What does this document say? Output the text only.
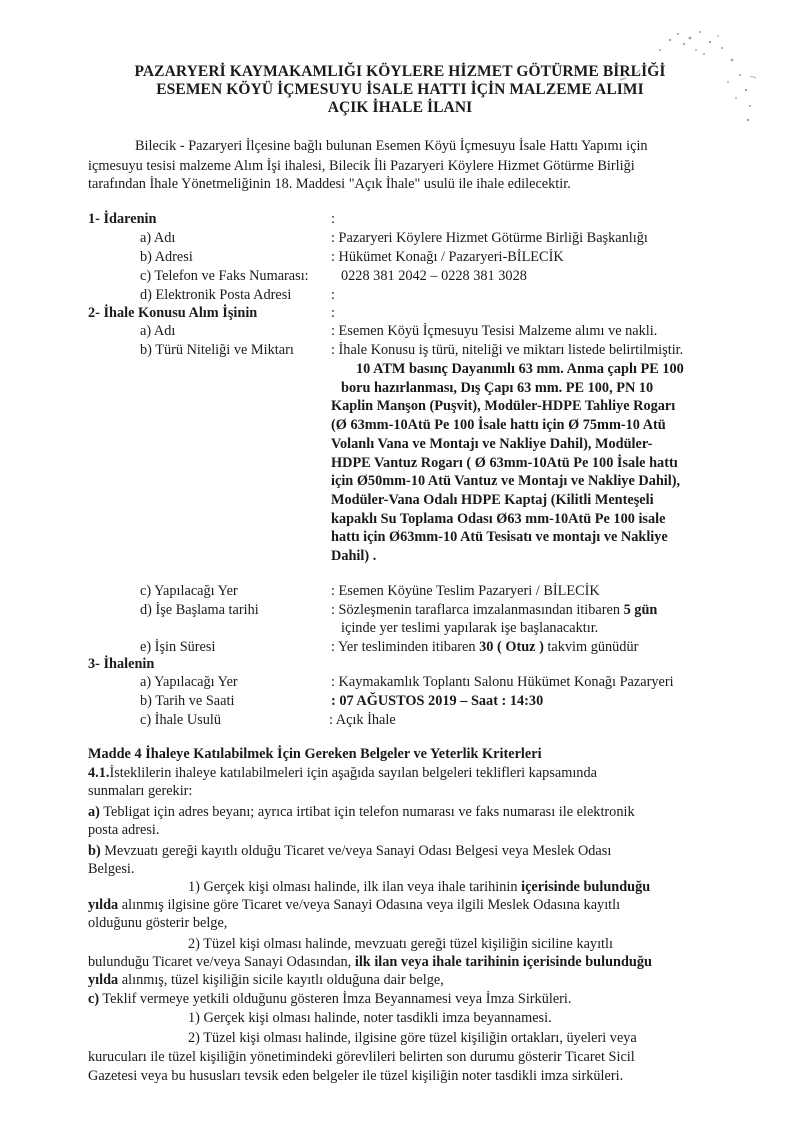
PAZARYERİ KAYMAKAMLIĞI KÖYLERE HİZMET GÖTÜRME BİRLİĞİ
ESEMEN KÖYÜ İÇMESUYU İSALE HATTI İÇİN MALZEME ALIMI
AÇIK İHALE İLANI
Bilecik - Pazaryeri İlçesine bağlı bulunan Esemen Köyü İçmesuyu İsale Hattı Yapımı için
içmesuyu tesisi malzeme Alım İşi ihalesi, Bilecik İli Pazaryeri Köylere Hizmet Götürme Birliği
tarafından İhale Yönetmeliğinin 18. Maddesi "Açık İhale" usulü ile ihale edilecektir.
1- İdarenin	:
a) Adı	: Pazaryeri Köylere Hizmet Götürme Birliği Başkanlığı
b) Adresi	: Hükümet Konağı / Pazaryeri-BİLECİK
c) Telefon ve Faks Numarası: 0228 381 2042 – 0228 381 3028
d) Elektronik Posta Adresi	:
2- İhale Konusu Alım İşinin	:
a) Adı	: Esemen Köyü İçmesuyu Tesisi Malzeme alımı ve nakli.
b) Türü Niteliği ve Miktarı	: İhale Konusu iş türü, niteliği ve miktarı listede belirtilmiştir.
10 ATM basınç Dayanımlı 63 mm. Anma çaplı PE 100
boru hazırlanması, Dış Çapı 63 mm. PE 100, PN 10
Kaplin Manşon (Puşvit), Modüler-HDPE Tahliye Rogarı
(Ø 63mm-10Atü Pe 100 İsale hattı için Ø 75mm-10 Atü
Volanlı Vana ve Montajı ve Nakliye Dahil), Modüler-
HDPE Vantuz Rogarı ( Ø 63mm-10Atü Pe 100 İsale hattı
için Ø50mm-10 Atü Vantuz ve Montajı ve Nakliye Dahil),
Modüler-Vana Odalı HDPE Kaptaj (Kilitli Menteşeli
kapaklı Su Toplama Odası Ø63 mm-10Atü Pe 100 isale
hattı için Ø63mm-10 Atü Tesisatı ve montajı ve Nakliye
Dahil) .
c) Yapılacağı Yer	: Esemen Köyüne Teslim Pazaryeri / BİLECİK
d) İşe Başlama tarihi	: Sözleşmenin taraflarca imzalanmasından itibaren 5 gün
içinde yer teslimi yapılarak işe başlanacaktır.
e) İşin Süresi	: Yer tesliminden itibaren 30 ( Otuz ) takvim günüdür
3- İhalenin
a) Yapılacağı Yer	: Kaymakamlık Toplantı Salonu Hükümet Konağı Pazaryeri
b) Tarih ve Saati	: 07 AĞUSTOS 2019 – Saat : 14:30
c) İhale Usulü	: Açık İhale
Madde 4 İhaleye Katılabilmek İçin Gereken Belgeler ve Yeterlik Kriterleri
4.1.İsteklilerin ihaleye katılabilmeleri için aşağıda sayılan belgeleri teklifleri kapsamında
sunmaları gerekir:
a) Tebligat için adres beyanı; ayrıca irtibat için telefon numarası ve faks numarası ile elektronik
posta adresi.
b) Mevzuatı gereği kayıtlı olduğu Ticaret ve/veya Sanayi Odası Belgesi veya Meslek Odası
Belgesi.
1) Gerçek kişi olması halinde, ilk ilan veya ihale tarihinin içerisinde bulunduğu
yılda alınmış ilgisine göre Ticaret ve/veya Sanayi Odasına veya ilgili Meslek Odasına kayıtlı
olduğunu gösterir belge,
2) Tüzel kişi olması halinde, mevzuatı gereği tüzel kişiliğin siciline kayıtlı
bulunduğu Ticaret ve/veya Sanayi Odasından, ilk ilan veya ihale tarihinin içerisinde bulunduğu
yılda alınmış, tüzel kişiliğin sicile kayıtlı olduğuna dair belge,
c) Teklif vermeye yetkili olduğunu gösteren İmza Beyannamesi veya İmza Sirküleri.
1) Gerçek kişi olması halinde, noter tasdikli imza beyannamesi.
2) Tüzel kişi olması halinde, ilgisine göre tüzel kişiliğin ortakları, üyeleri veya
kurucuları ile tüzel kişiliğin yönetimindeki görevlileri belirten son durumu gösterir Ticaret Sicil
Gazetesi veya bu hususları tevsik eden belgeler ile tüzel kişiliğin noter tasdikli imza sirküleri.
